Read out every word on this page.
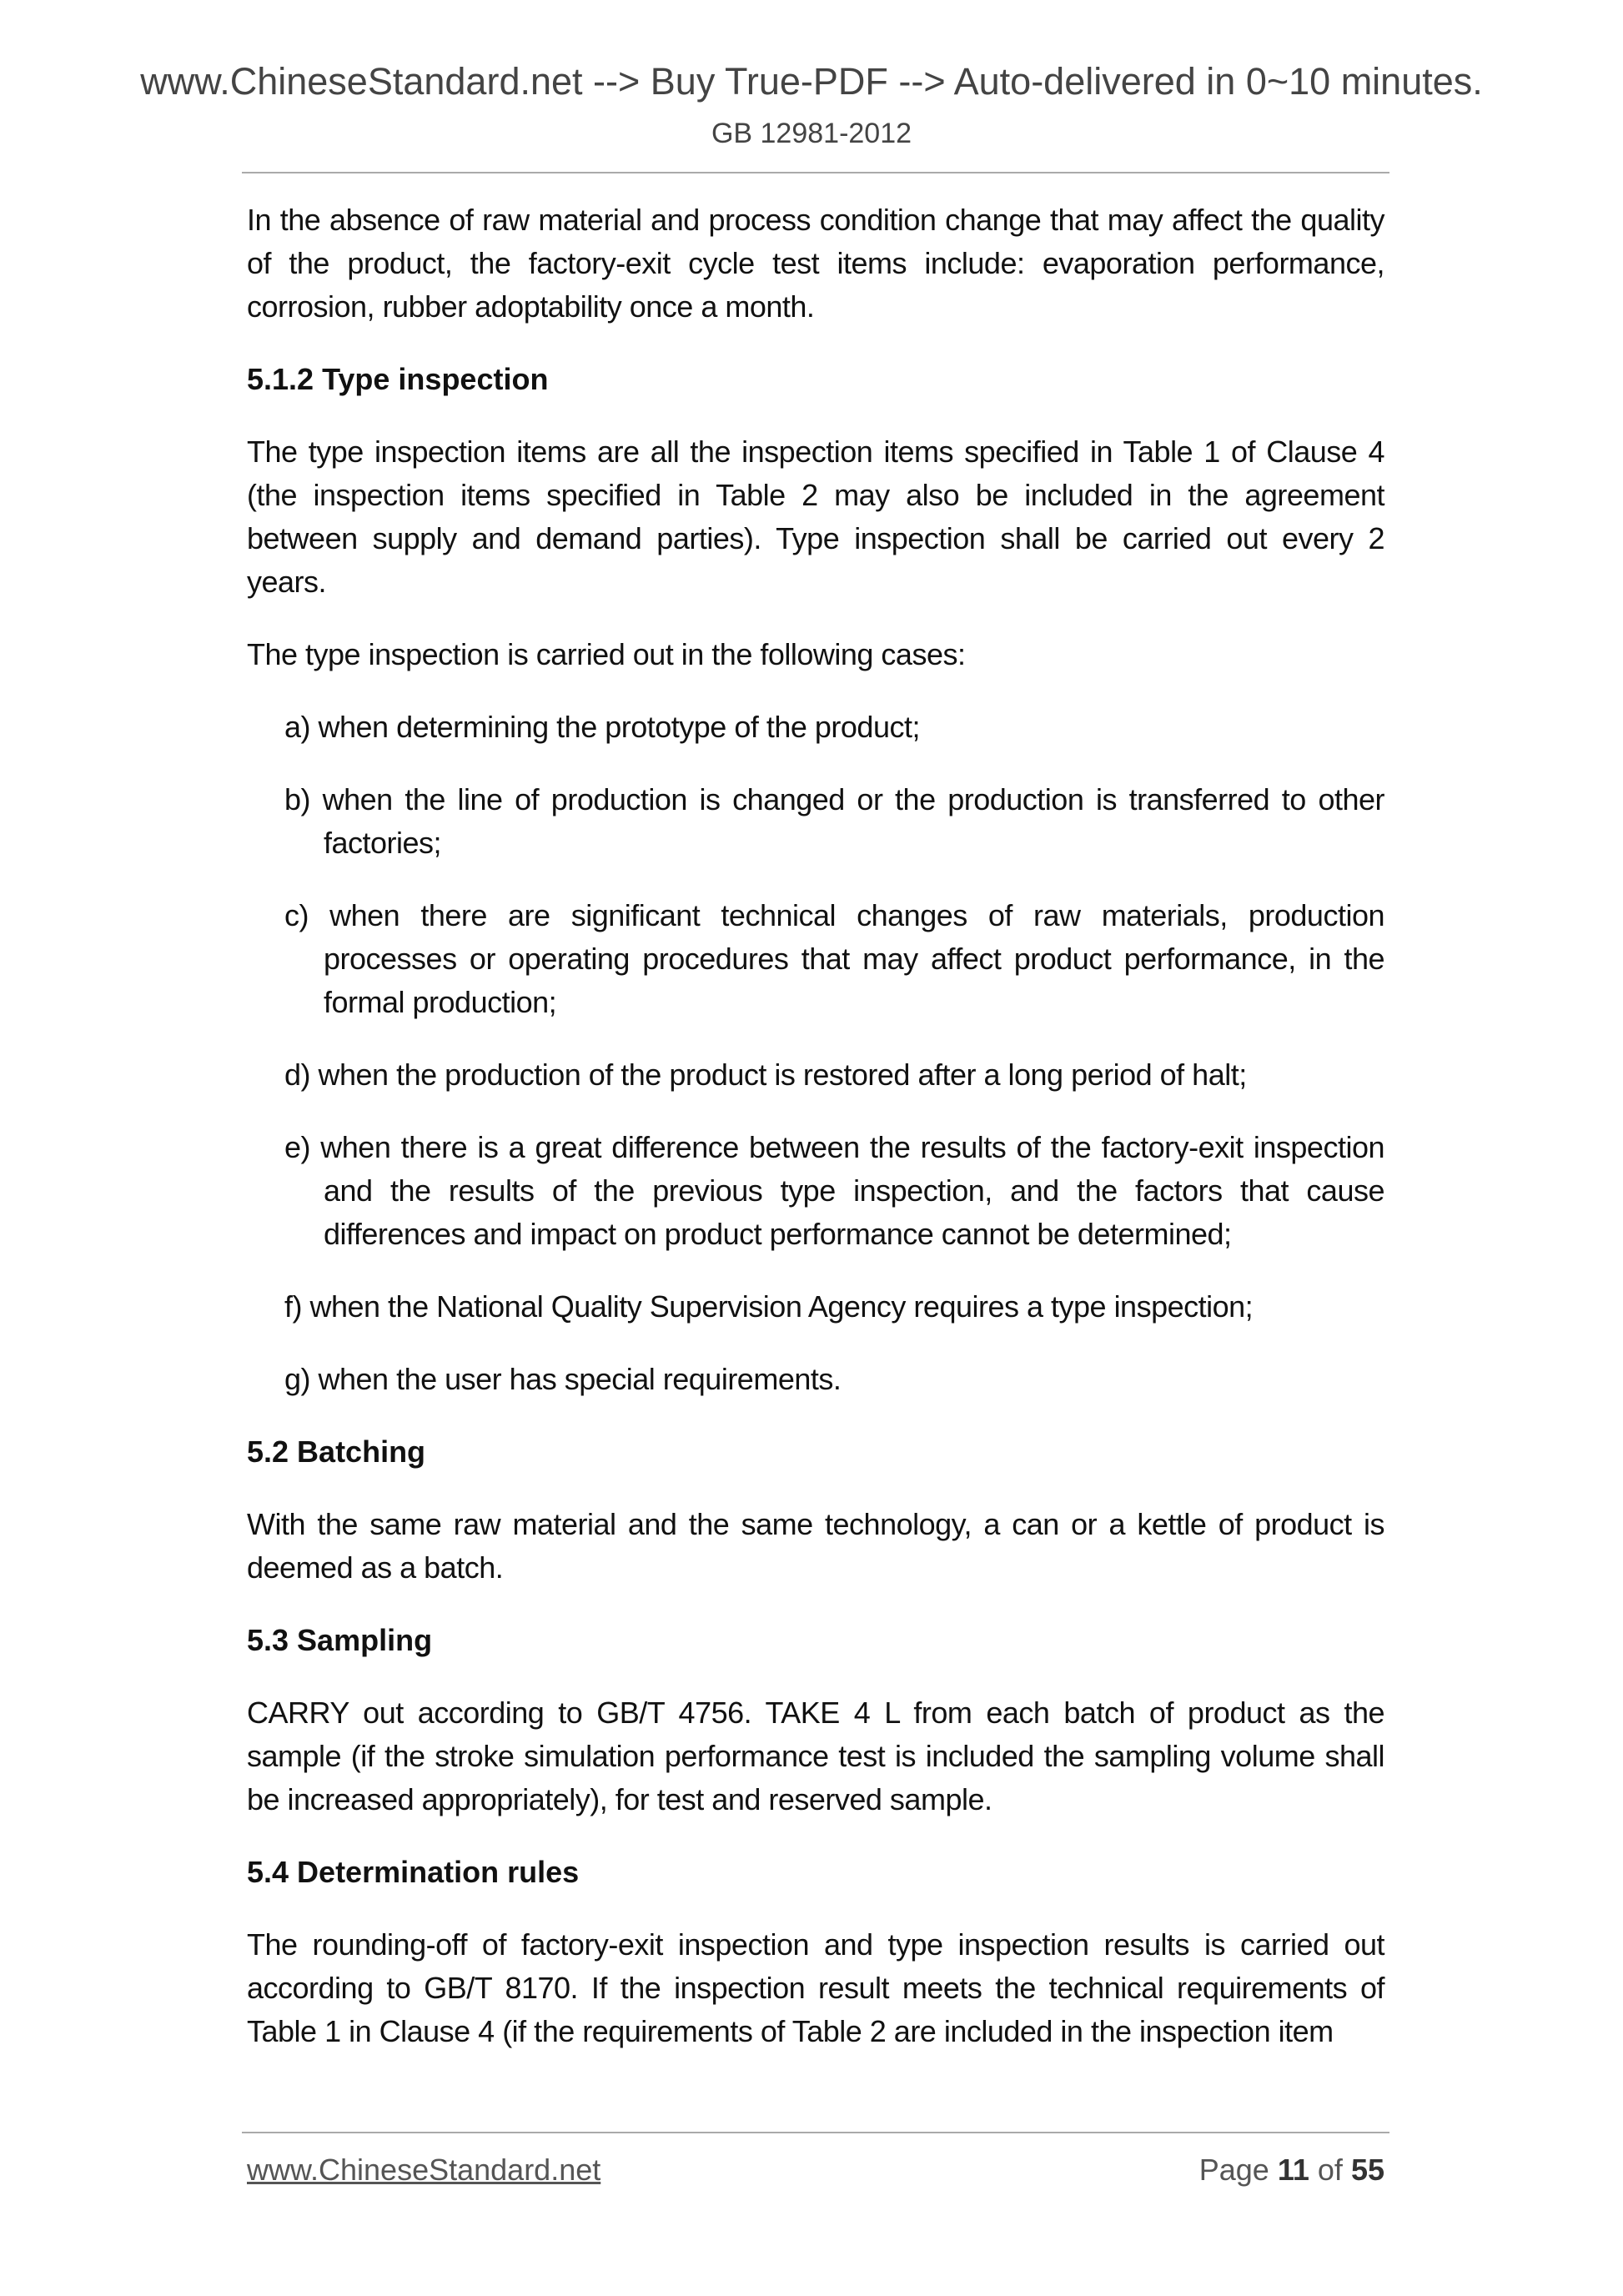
www.ChineseStandard.net --> Buy True-PDF --> Auto-delivered in 0~10 minutes.
GB 12981-2012

In the absence of raw material and process condition change that may affect the quality of the product, the factory-exit cycle test items include: evaporation performance, corrosion, rubber adoptability once a month.

5.1.2 Type inspection

The type inspection items are all the inspection items specified in Table 1 of Clause 4 (the inspection items specified in Table 2 may also be included in the agreement between supply and demand parties). Type inspection shall be carried out every 2 years.

The type inspection is carried out in the following cases:

a) when determining the prototype of the product;
b) when the line of production is changed or the production is transferred to other factories;
c) when there are significant technical changes of raw materials, production processes or operating procedures that may affect product performance, in the formal production;
d) when the production of the product is restored after a long period of halt;
e) when there is a great difference between the results of the factory-exit inspection and the results of the previous type inspection, and the factors that cause differences and impact on product performance cannot be determined;
f) when the National Quality Supervision Agency requires a type inspection;
g) when the user has special requirements.
5.2 Batching

With the same raw material and the same technology, a can or a kettle of product is deemed as a batch.

5.3 Sampling

CARRY out according to GB/T 4756. TAKE 4 L from each batch of product as the sample (if the stroke simulation performance test is included the sampling volume shall be increased appropriately), for test and reserved sample.

5.4 Determination rules

The rounding-off of factory-exit inspection and type inspection results is carried out according to GB/T 8170. If the inspection result meets the technical requirements of Table 1 in Clause 4 (if the requirements of Table 2 are included in the inspection item

www.ChineseStandard.net	Page 11 of 55
